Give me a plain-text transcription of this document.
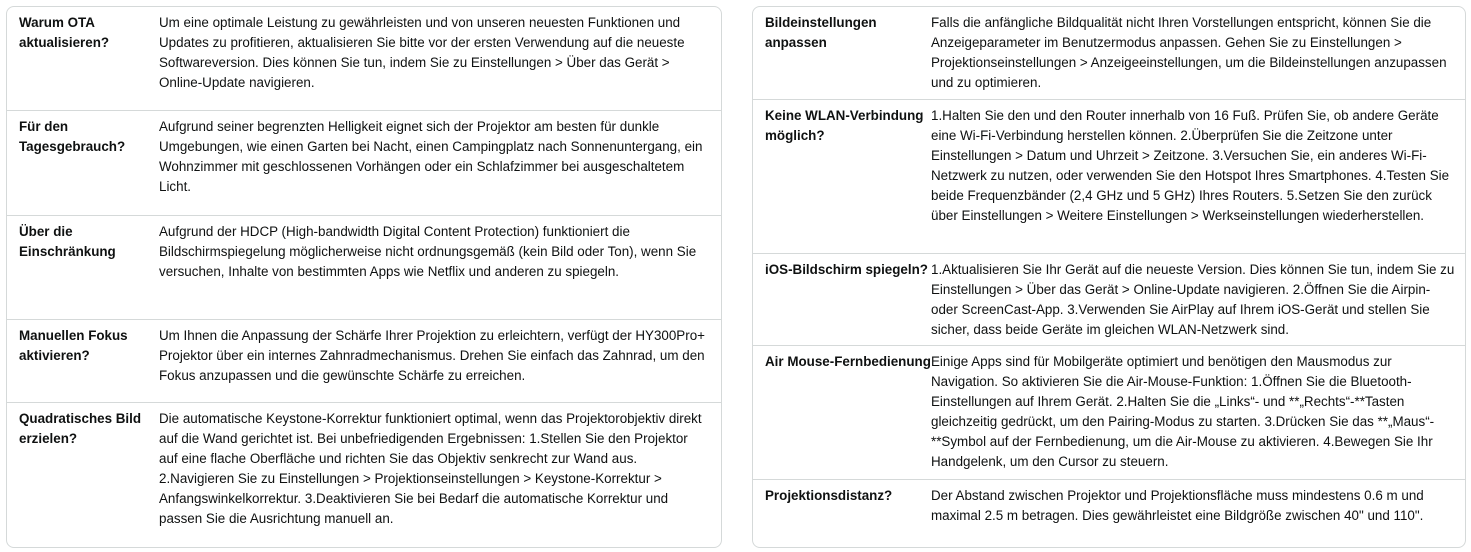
Warum OTA aktualisieren?
Um eine optimale Leistung zu gewährleisten und von unseren neuesten Funktionen und Updates zu profitieren, aktualisieren Sie bitte vor der ersten Verwendung auf die neueste Softwareversion. Dies können Sie tun, indem Sie zu Einstellungen > Über das Gerät > Online-Update navigieren.
Für den Tagesgebrauch?
Aufgrund seiner begrenzten Helligkeit eignet sich der Projektor am besten für dunkle Umgebungen, wie einen Garten bei Nacht, einen Campingplatz nach Sonnenuntergang, ein Wohnzimmer mit geschlossenen Vorhängen oder ein Schlafzimmer bei ausgeschaltetem Licht.
Über die Einschränkung
Aufgrund der HDCP (High-bandwidth Digital Content Protection) funktioniert die Bildschirmspiegelung möglicherweise nicht ordnungsgemäß (kein Bild oder Ton), wenn Sie versuchen, Inhalte von bestimmten Apps wie Netflix und anderen zu spiegeln.
Manuellen Fokus aktivieren?
Um Ihnen die Anpassung der Schärfe Ihrer Projektion zu erleichtern, verfügt der HY300Pro+ Projektor über ein internes Zahnradmechanismus. Drehen Sie einfach das Zahnrad, um den Fokus anzupassen und die gewünschte Schärfe zu erreichen.
Quadratisches Bild erzielen?
Die automatische Keystone-Korrektur funktioniert optimal, wenn das Projektorobjektiv direkt auf die Wand gerichtet ist. Bei unbefriedigenden Ergebnissen: 1.Stellen Sie den Projektor auf eine flache Oberfläche und richten Sie das Objektiv senkrecht zur Wand aus. 2.Navigieren Sie zu Einstellungen > Projektionseinstellungen > Keystone-Korrektur > Anfangswinkelkorrektur. 3.Deaktivieren Sie bei Bedarf die automatische Korrektur und passen Sie die Ausrichtung manuell an.
Bildeinstellungen anpassen
Falls die anfängliche Bildqualität nicht Ihren Vorstellungen entspricht, können Sie die Anzeigeparameter im Benutzermodus anpassen. Gehen Sie zu Einstellungen > Projektionseinstellungen > Anzeigeeinstellungen, um die Bildeinstellungen anzupassen und zu optimieren.
Keine WLAN-Verbindung möglich?
1.Halten Sie den und den Router innerhalb von 16 Fuß. Prüfen Sie, ob andere Geräte eine Wi-Fi-Verbindung herstellen können. 2.Überprüfen Sie die Zeitzone unter Einstellungen > Datum und Uhrzeit > Zeitzone. 3.Versuchen Sie, ein anderes Wi-Fi-Netzwerk zu nutzen, oder verwenden Sie den Hotspot Ihres Smartphones. 4.Testen Sie beide Frequenzbänder (2,4 GHz und 5 GHz) Ihres Routers. 5.Setzen Sie den zurück über Einstellungen > Weitere Einstellungen > Werkseinstellungen wiederherstellen.
iOS-Bildschirm spiegeln? 1.Aktualisieren Sie Ihr Gerät auf die neueste Version. Dies können Sie tun, indem Sie zu Einstellungen > Über das Gerät > Online-Update navigieren. 2.Öffnen Sie die Airpin- oder ScreenCast-App. 3.Verwenden Sie AirPlay auf Ihrem iOS-Gerät und stellen Sie sicher, dass beide Geräte im gleichen WLAN-Netzwerk sind.
Air Mouse-Fernbedienung Einige Apps sind für Mobilgeräte optimiert und benötigen den Mausmodus zur Navigation. So aktivieren Sie die Air-Mouse-Funktion: 1.Öffnen Sie die Bluetooth-Einstellungen auf Ihrem Gerät. 2.Halten Sie die „Links“- und **„Rechts“-**Tasten gleichzeitig gedrückt, um den Pairing-Modus zu starten. 3.Drücken Sie das **„Maus“-**Symbol auf der Fernbedienung, um die Air-Mouse zu aktivieren. 4.Bewegen Sie Ihr Handgelenk, um den Cursor zu steuern.
Projektionsdistanz?	Der Abstand zwischen Projektor und Projektionsfläche muss mindestens 0.6 m und maximal 2.5 m betragen. Dies gewährleistet eine Bildgröße zwischen 40" und 110".
